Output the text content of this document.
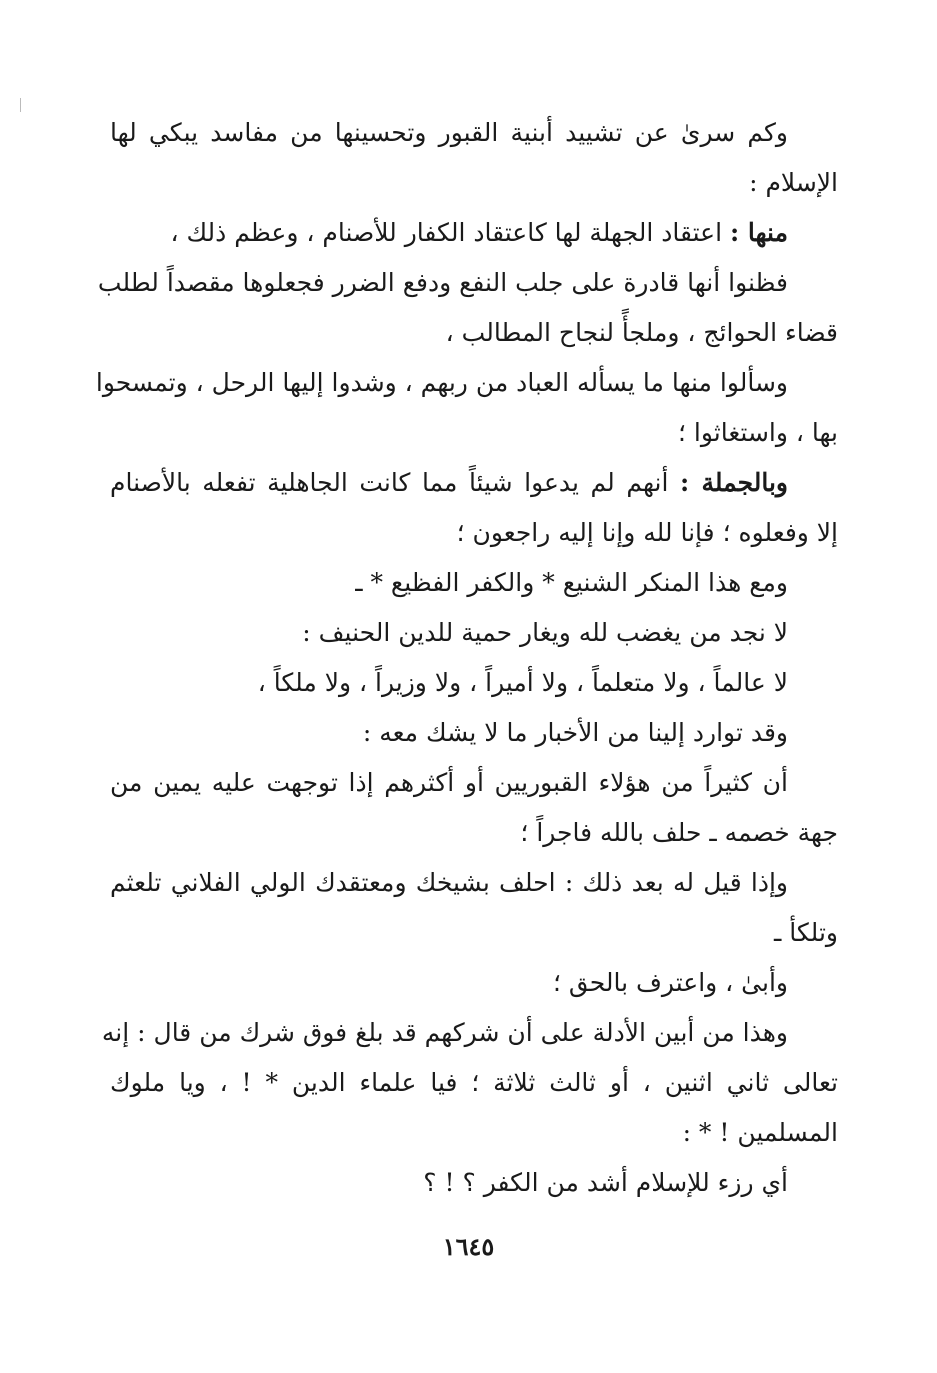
وكم سرىٰ عن تشييد أبنية القبور وتحسينها من مفاسد يبكي لها
الإسلام :
منها : اعتقاد الجهلة لها كاعتقاد الكفار للأصنام ، وعظم ذلك ،
فظنوا أنها قادرة على جلب النفع ودفع الضرر فجعلوها مقصداً لطلب
قضاء الحوائج ، وملجأً لنجاح المطالب ،
وسألوا منها ما يسأله العباد من ربهم ، وشدوا إليها الرحل ، وتمسحوا
بها ، واستغاثوا ؛
وبالجملة : أنهم لم يدعوا شيئاً مما كانت الجاهلية تفعله بالأصنام
إلا وفعلوه ؛ فإنا لله وإنا إليه راجعون ؛
ومع هذا المنكر الشنيع * والكفر الفظيع * ـ
لا نجد من يغضب لله ويغار حمية للدين الحنيف :
لا عالماً ، ولا متعلماً ، ولا أميراً ، ولا وزيراً ، ولا ملكاً ،
وقد توارد إلينا من الأخبار ما لا يشك معه :
أن كثيراً من هؤلاء القبوريين أو أكثرهم إذا توجهت عليه يمين من
جهة خصمه ـ حلف بالله فاجراً ؛
وإذا قيل له بعد ذلك : احلف بشيخك ومعتقدك الولي الفلاني تلعثم
وتلكأ ـ
وأبىٰ ، واعترف بالحق ؛
وهذا من أبين الأدلة على أن شركهم قد بلغ فوق شرك من قال : إنه
تعالى ثاني اثنين ، أو ثالث ثلاثة ؛ فيا علماء الدين * ! ، ويا ملوك
المسلمين ! * :
أي رزء للإسلام أشد من الكفر ؟ ! ؟
١٦٤٥
